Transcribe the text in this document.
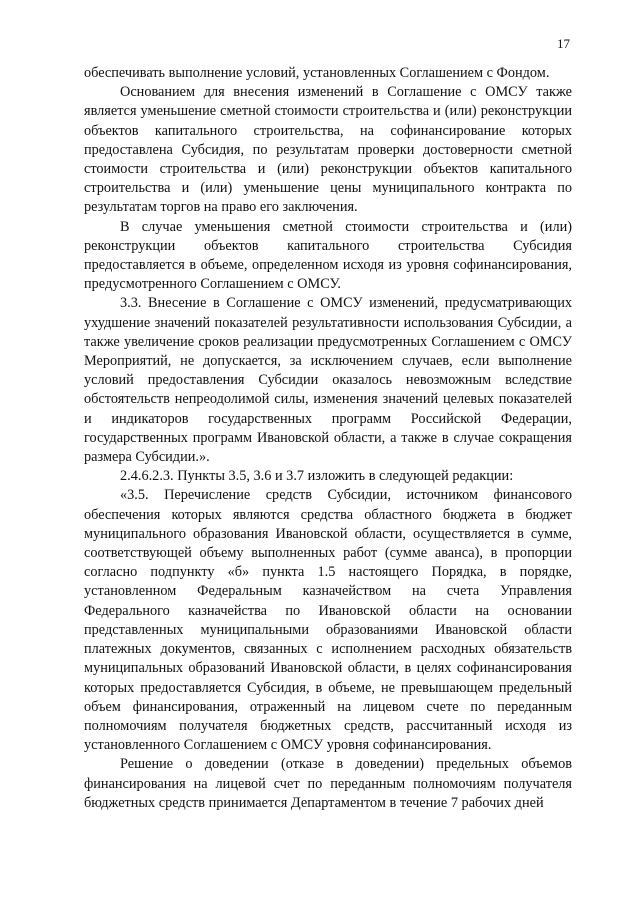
17

обеспечивать выполнение условий, установленных Соглашением с Фондом.

Основанием для внесения изменений в Соглашение с ОМСУ также является уменьшение сметной стоимости строительства и (или) реконструкции объектов капитального строительства, на софинансирование которых предоставлена Субсидия, по результатам проверки достоверности сметной стоимости строительства и (или) реконструкции объектов капитального строительства и (или) уменьшение цены муниципального контракта по результатам торгов на право его заключения.

В случае уменьшения сметной стоимости строительства и (или) реконструкции объектов капитального строительства Субсидия предоставляется в объеме, определенном исходя из уровня софинансирования, предусмотренного Соглашением с ОМСУ.

3.3. Внесение в Соглашение с ОМСУ изменений, предусматривающих ухудшение значений показателей результативности использования Субсидии, а также увеличение сроков реализации предусмотренных Соглашением с ОМСУ Мероприятий, не допускается, за исключением случаев, если выполнение условий предоставления Субсидии оказалось невозможным вследствие обстоятельств непреодолимой силы, изменения значений целевых показателей и индикаторов государственных программ Российской Федерации, государственных программ Ивановской области, а также в случае сокращения размера Субсидии.».

2.4.6.2.3. Пункты 3.5, 3.6 и 3.7 изложить в следующей редакции:

«3.5. Перечисление средств Субсидии, источником финансового обеспечения которых являются средства областного бюджета в бюджет муниципального образования Ивановской области, осуществляется в сумме, соответствующей объему выполненных работ (сумме аванса), в пропорции согласно подпункту «б» пункта 1.5 настоящего Порядка, в порядке, установленном Федеральным казначейством на счета Управления Федерального казначейства по Ивановской области на основании представленных муниципальными образованиями Ивановской области платежных документов, связанных с исполнением расходных обязательств муниципальных образований Ивановской области, в целях софинансирования которых предоставляется Субсидия, в объеме, не превышающем предельный объем финансирования, отраженный на лицевом счете по переданным полномочиям получателя бюджетных средств, рассчитанный исходя из установленного Соглашением с ОМСУ уровня софинансирования.

Решение о доведении (отказе в доведении) предельных объемов финансирования на лицевой счет по переданным полномочиям получателя бюджетных средств принимается Департаментом в течение 7 рабочих дней
